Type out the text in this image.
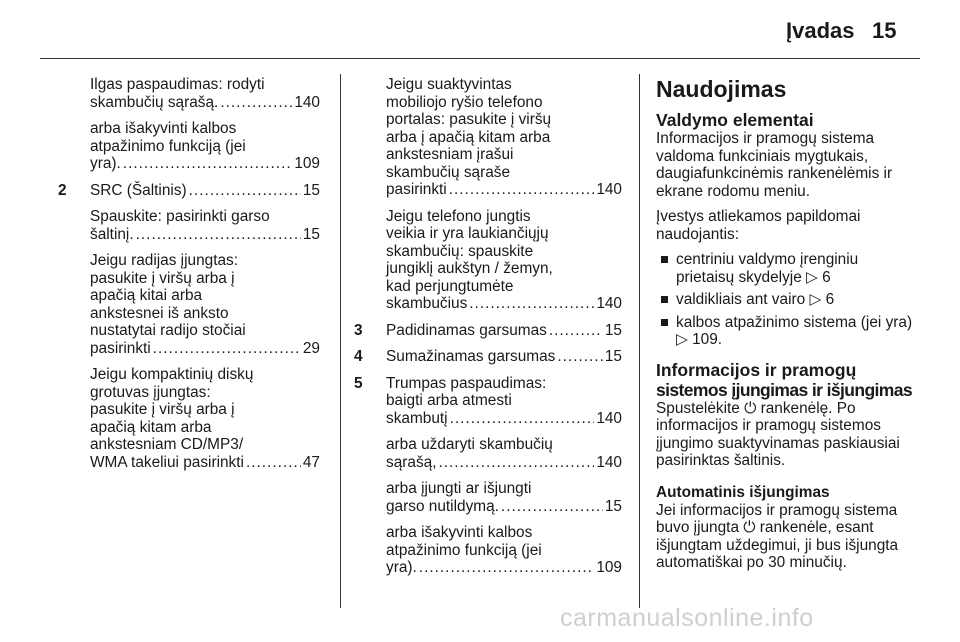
Įvadas 15
Ilgas paspaudimas: rodyti
skambučių sąrašą. .....	140
arba išakyvinti kalbos
atpažinimo funkciją (jei
yra). .....	109
2 SRC (Šaltinis) .....	15
Spauskite: pasirinkti garso
šaltinį. .....	15
Jeigu radijas įjungtas:
pasukite į viršų arba į
apačią kitai arba
ankstesnei iš anksto
nustatytai radijo stočiai
pasirinkti .....	29
Jeigu kompaktinių diskų
grotuvas įjungtas:
pasukite į viršų arba į
apačią kitam arba
ankstesniam CD/MP3/
WMA takeliui pasirinkti .....	47
Jeigu suaktyvintas
mobiliojo ryšio telefono
portalas: pasukite į viršų
arba į apačią kitam arba
ankstesniam įrašui
skambučių sąraše
pasirinkti .....	140
Jeigu telefono jungtis
veikia ir yra laukiančiųjų
skambučių: spauskite
jungiklį aukštyn / žemyn,
kad perjungtumėte
skambučius .....	140
3 Padidinamas garsumas .....	15
4 Sumažinamas garsumas .....	15
5 Trumpas paspaudimas:
baigti arba atmesti
skambutį .....	140
arba uždaryti skambučių
sąrašą, .....	140
arba įjungti ar išjungti
garso nutildymą. .....	15
arba išakyvinti kalbos
atpažinimo funkciją (jei
yra). .....	109
Naudojimas
Valdymo elementai

Informacijos ir pramogų sistema valdoma funkciniais mygtukais, daugiafunkcinėmis rankenėlėmis ir ekrane rodomu meniu.

Įvestys atliekamos papildomai naudojantis:

centriniu valdymo įrenginiu
prietaisų skydelyje ▷ 6
valdikliais ant vairo ▷ 6
kalbos atpažinimo sistema (jei yra)
▷ 109.
Informacijos ir pramogų
sistemos įjungimas ir išjungimas

Spustelėkite ⏻ rankenėlę. Po informacijos ir pramogų sistemos įjungimo suaktyvinamas paskiausiai pasirinktas šaltinis.

Automatinis išjungimas

Jei informacijos ir pramogų sistema buvo įjungta ⏻ rankenėle, esant išjungtam uždegimui, ji bus išjungta automatiškai po 30 minučių.

carmanualsonline.info
